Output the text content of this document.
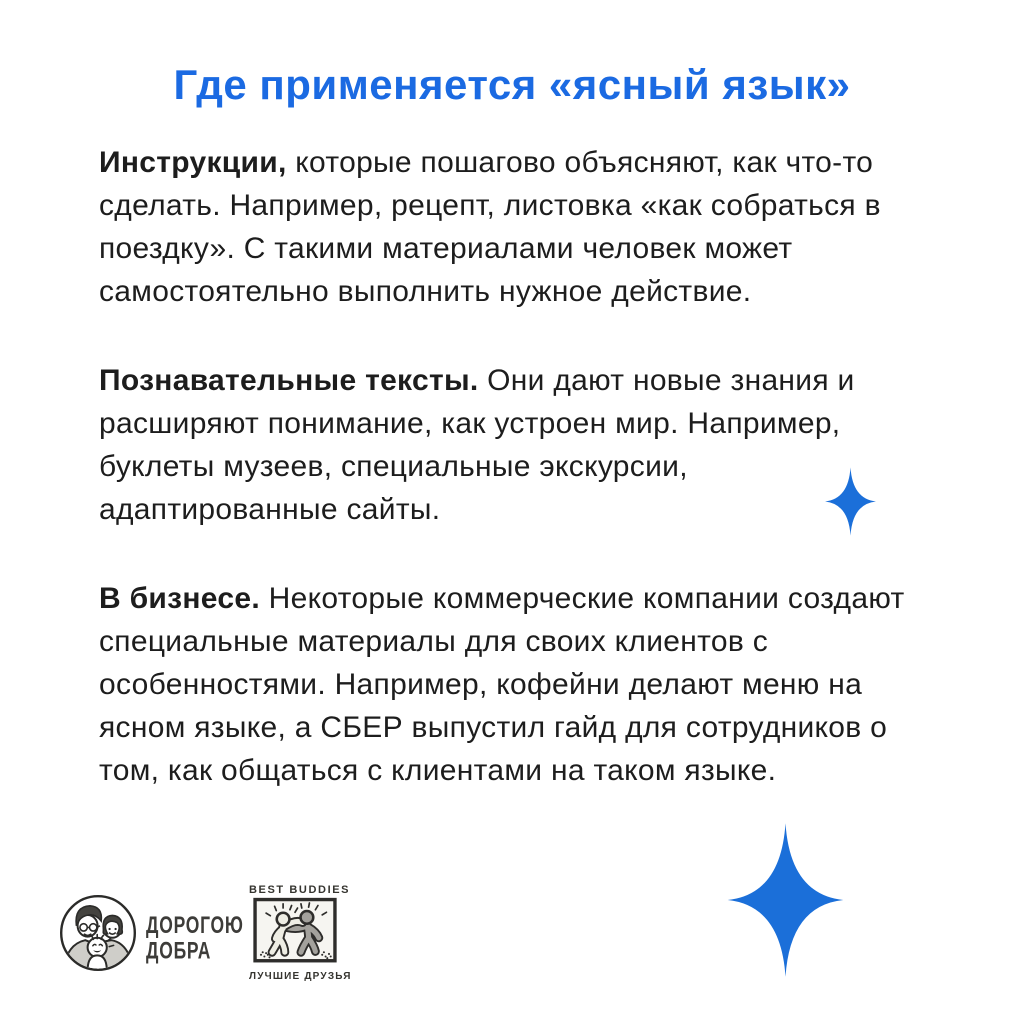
Где применяется «ясный язык»

Инструкции, которые пошагово объясняют, как что-то сделать. Например, рецепт, листовка «как собраться в поездку». С такими материалами человек может самостоятельно выполнить нужное действие.

Познавательные тексты. Они дают новые знания и расширяют понимание, как устроен мир. Например, буклеты музеев, специальные экскурсии, адаптированные сайты.

В бизнесе. Некоторые коммерческие компании создают специальные материалы для своих клиентов с особенностями. Например, кофейни делают меню на ясном языке, а СБЕР выпустил гайд для сотрудников о том, как общаться с клиентами на таком языке.

ДОРОГОЮ
ДОБРА
BEST BUDDIES
ЛУЧШИЕ ДРУЗЬЯ
